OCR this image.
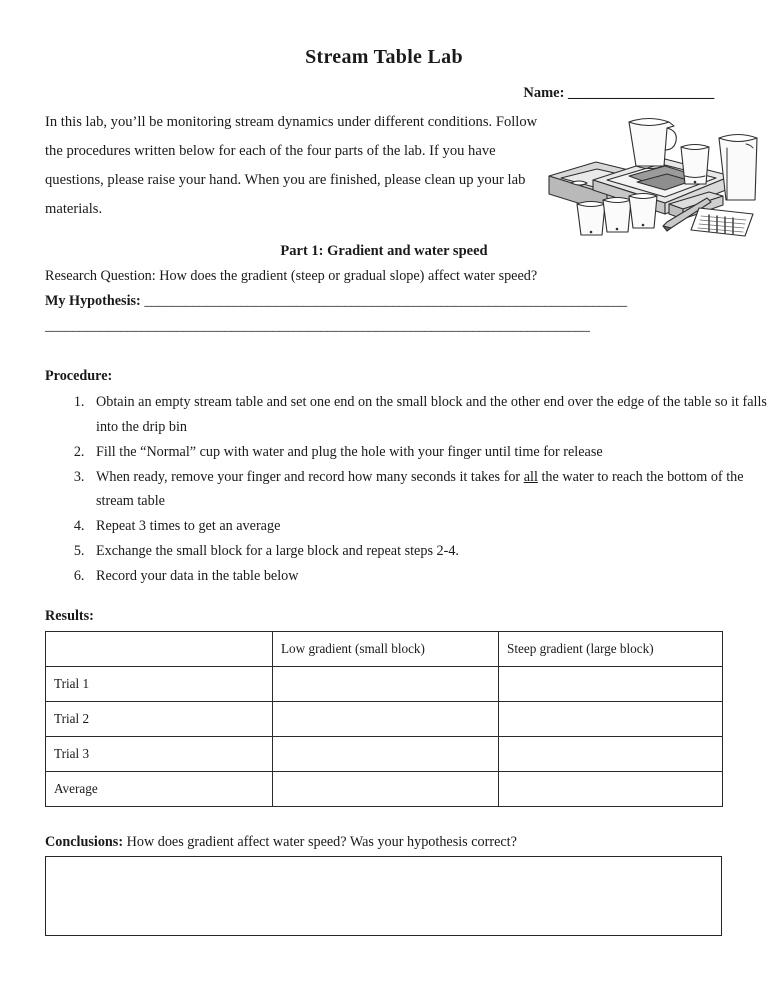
Stream Table Lab
Name: _____________________
In this lab, you’ll be monitoring stream dynamics under different conditions. Follow the procedures written below for each of the four parts of the lab. If you have questions, please raise your hand. When you are finished, please clean up your lab materials.
Part 1: Gradient and water speed
Research Question: How does the gradient (steep or gradual slope) affect water speed?
My Hypothesis: ______________________________________________________________________
_______________________________________________________________________________
Procedure:
1. Obtain an empty stream table and set one end on the small block and the other end over the edge of the table so it falls into the drip bin
2. Fill the “Normal” cup with water and plug the hole with your finger until time for release
3. When ready, remove your finger and record how many seconds it takes for all the water to reach the bottom of the stream table
4. Repeat 3 times to get an average
5. Exchange the small block for a large block and repeat steps 2-4.
6. Record your data in the table below
Results:
	Low gradient (small block)	Steep gradient (large block)
Trial 1		
Trial 2		
Trial 3		
Average		
Conclusions: How does gradient affect water speed? Was your hypothesis correct?
